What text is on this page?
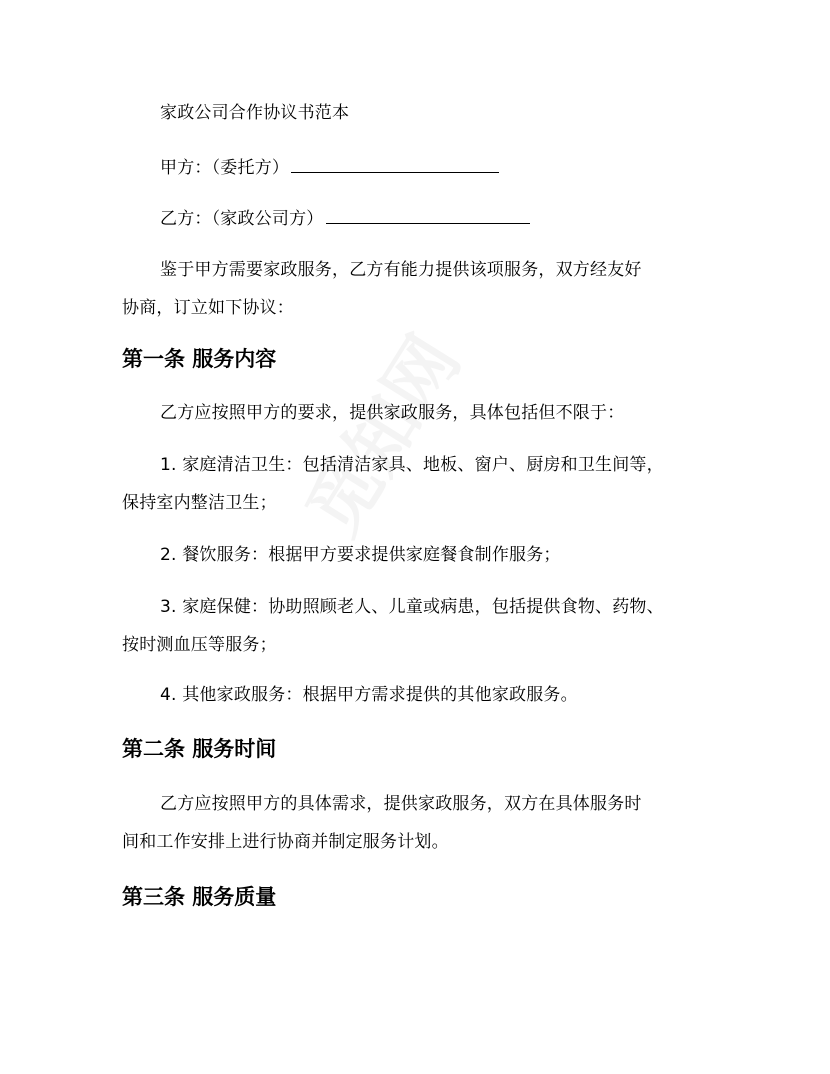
家政公司合作协议书范本
甲方：（委托方）
乙方：（家政公司方）
鉴于甲方需要家政服务，乙方有能力提供该项服务，双方经友好
协商，订立如下协议：
第一条 服务内容
乙方应按照甲方的要求，提供家政服务，具体包括但不限于：
1. 家庭清洁卫生：包括清洁家具、地板、窗户、厨房和卫生间等，
保持室内整洁卫生；
2. 餐饮服务：根据甲方要求提供家庭餐食制作服务；
3. 家庭保健：协助照顾老人、儿童或病患，包括提供食物、药物、
按时测血压等服务；
4. 其他家政服务：根据甲方需求提供的其他家政服务。
第二条 服务时间
乙方应按照甲方的具体需求，提供家政服务，双方在具体服务时
间和工作安排上进行协商并制定服务计划。
第三条 服务质量
